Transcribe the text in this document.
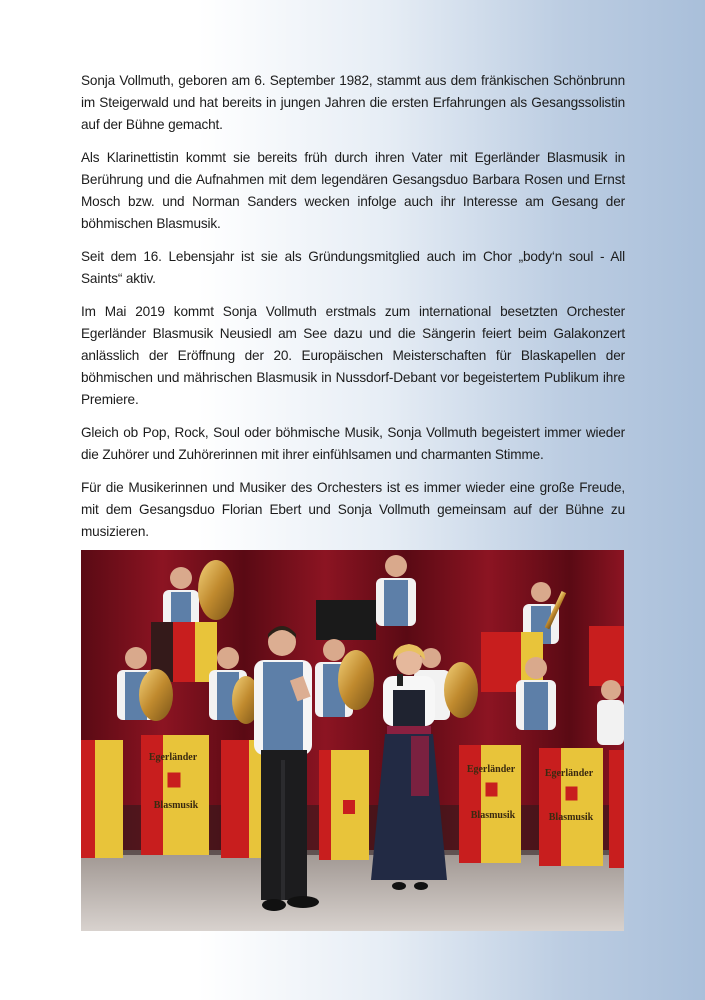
Sonja Vollmuth, geboren am 6. September 1982, stammt aus dem fränkischen Schönbrunn im Steigerwald und hat bereits in jungen Jahren die ersten Erfahrungen als Gesangssolistin auf der Bühne gemacht.

Als Klarinettistin kommt sie bereits früh durch ihren Vater mit Egerländer Blasmusik in Berührung und die Aufnahmen mit dem legendären Gesangsduo Barbara Rosen und Ernst Mosch bzw. und Norman Sanders wecken infolge auch ihr Interesse am Gesang der böhmischen Blasmusik.

Seit dem 16. Lebensjahr ist sie als Gründungsmitglied auch im Chor „body‘n soul - All Saints“ aktiv.

Im Mai 2019 kommt Sonja Vollmuth erstmals zum international besetzten Orchester Egerländer Blasmusik Neusiedl am See dazu und die Sängerin feiert beim Galakonzert anlässlich der Eröffnung der 20. Europäischen Meisterschaften für Blaskapellen der böhmischen und mährischen Blasmusik in Nussdorf-Debant vor begeistertem Publikum ihre Premiere.

Gleich ob Pop, Rock, Soul oder böhmische Musik, Sonja Vollmuth begeistert immer wieder die Zuhörer und Zuhörerinnen mit ihrer einfühlsamen und charmanten Stimme.

Für die Musikerinnen und Musiker des Orchesters ist es immer wieder eine große Freude, mit dem Gesangsduo Florian Ebert und Sonja Vollmuth gemeinsam auf der Bühne zu musizieren.

Egerländer
Blasmusik
Egerländer
Blasmusik
Egerländer
Blasmusik
